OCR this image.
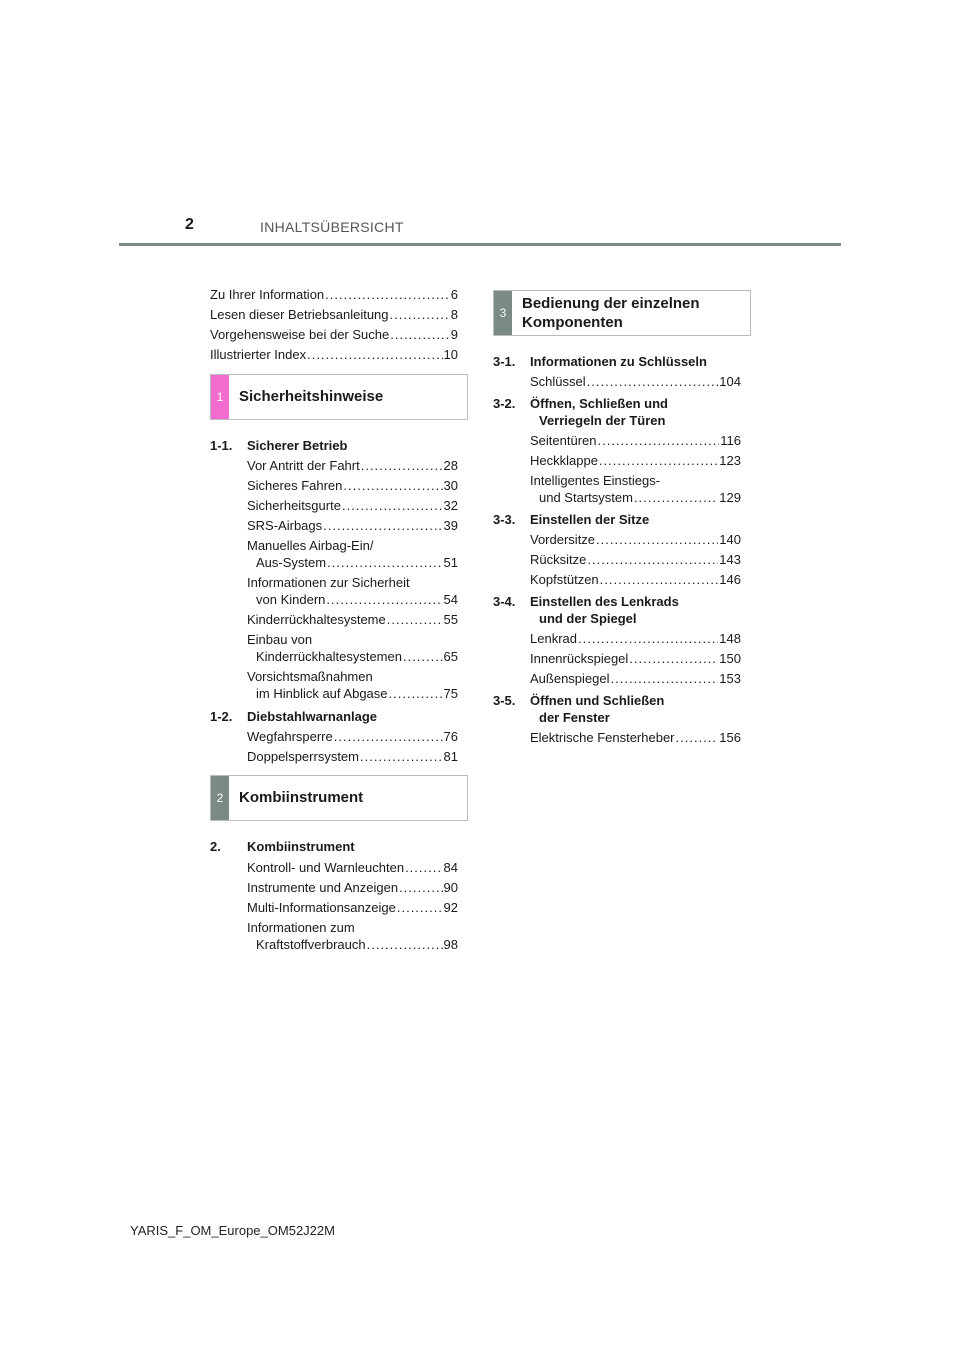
2	INHALTSÜBERSICHT
Zu Ihrer Information .....	6
Lesen dieser Betriebsanleitung .....	8
Vorgehensweise bei der Suche .....	9
Illustrierter Index .....	10
1	Sicherheitshinweise
1-1. Sicherer Betrieb
Vor Antritt der Fahrt .....	28
Sicheres Fahren .....	30
Sicherheitsgurte .....	32
SRS-Airbags .....	39
Manuelles Airbag-Ein/
Aus-System .....	51
Informationen zur Sicherheit
von Kindern .....	54
Kinderrückhaltesysteme .....	55
Einbau von
Kinderrückhaltesystemen .....	65
Vorsichtsmaßnahmen
im Hinblick auf Abgase .....	75
1-2. Diebstahlwarnanlage
Wegfahrsperre .....	76
Doppelsperrsystem .....	81
2	Kombiinstrument
2. Kombiinstrument
Kontroll- und Warnleuchten .....	84
Instrumente und Anzeigen .....	90
Multi-Informationsanzeige .....	92
Informationen zum
Kraftstoffverbrauch .....	98
3
Bedienung der einzelnen
Komponenten
3-1. Informationen zu Schlüsseln
Schlüssel .....	104
3-2. Öffnen, Schließen und
Verriegeln der Türen
Seitentüren .....	116
Heckklappe .....	123
Intelligentes Einstiegs-
und Startsystem .....	129
3-3. Einstellen der Sitze
Vordersitze .....	140
Rücksitze .....	143
Kopfstützen .....	146
3-4. Einstellen des Lenkrads
und der Spiegel
Lenkrad .....	148
Innenrückspiegel .....	150
Außenspiegel .....	153
3-5. Öffnen und Schließen
der Fenster
Elektrische Fensterheber .....	156
YARIS_F_OM_Europe_OM52J22M
